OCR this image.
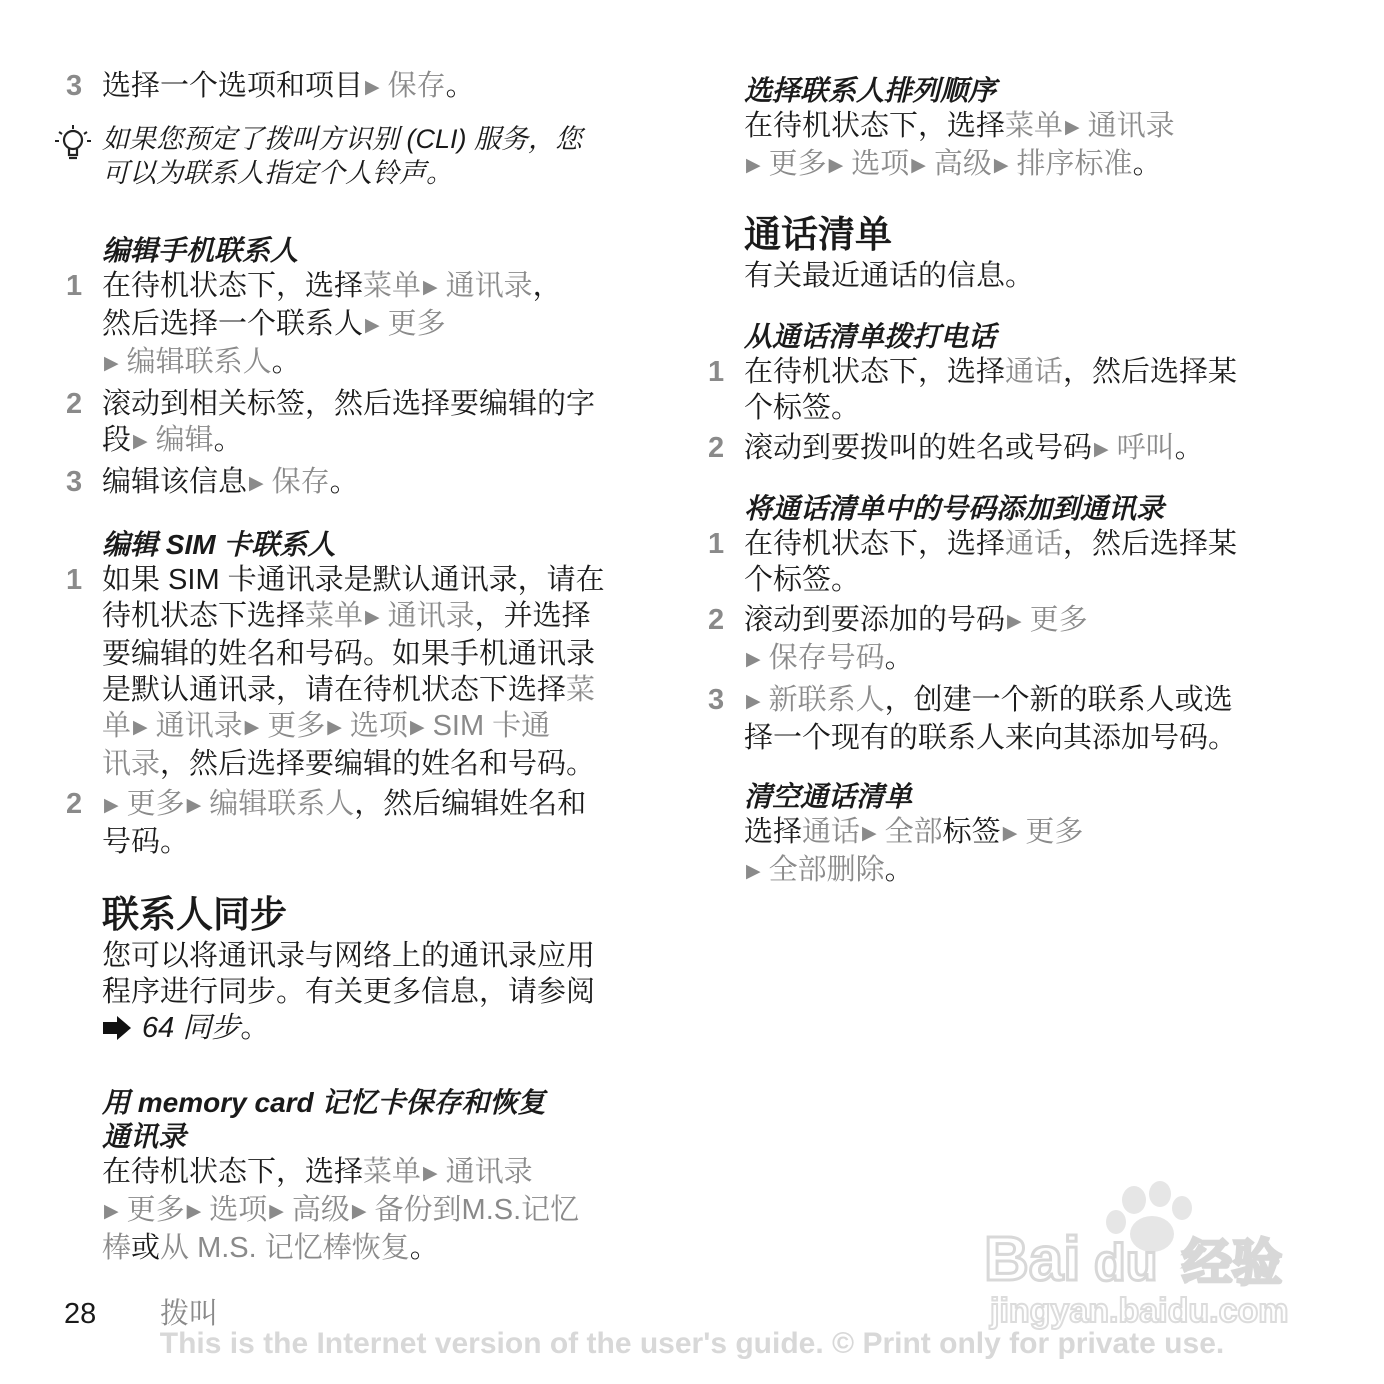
3 选择一个选项和项目 ▶ 保存。

如果您预定了拨叫方识别 (CLI) 服务，您

可以为联系人指定个人铃声。

编辑手机联系人

1 在待机状态下，选择菜单 ▶ 通讯录，

然后选择一个联系人 ▶ 更多

▶ 编辑联系人。

2 滚动到相关标签，然后选择要编辑的字

段 ▶ 编辑。

3 编辑该信息 ▶ 保存。

编辑 SIM 卡联系人

1 如果 SIM 卡通讯录是默认通讯录，请在

待机状态下选择菜单 ▶ 通讯录，并选择

要编辑的姓名和号码。如果手机通讯录

是默认通讯录，请在待机状态下选择菜

单 ▶ 通讯录 ▶ 更多 ▶ 选项 ▶ SIM 卡通

讯录，然后选择要编辑的姓名和号码。

2 ▶ 更多 ▶ 编辑联系人，然后编辑姓名和

号码。

联系人同步

您可以将通讯录与网络上的通讯录应用

程序进行同步。有关更多信息，请参阅

64 同步。

用 memory card 记忆卡保存和恢复

通讯录

在待机状态下，选择菜单 ▶ 通讯录

▶ 更多 ▶ 选项 ▶ 高级 ▶ 备份到M.S.记忆

棒或从 M.S. 记忆棒恢复。

选择联系人排列顺序

在待机状态下，选择菜单 ▶ 通讯录

▶ 更多 ▶ 选项 ▶ 高级 ▶ 排序标准。

通话清单

有关最近通话的信息。

从通话清单拨打电话

1 在待机状态下，选择通话，然后选择某

个标签。

2 滚动到要拨叫的姓名或号码 ▶ 呼叫。

将通话清单中的号码添加到通讯录

1 在待机状态下，选择通话，然后选择某

个标签。

2 滚动到要添加的号码 ▶ 更多

▶ 保存号码。

3 ▶ 新联系人，创建一个新的联系人或选

择一个现有的联系人来向其添加号码。

清空通话清单

选择通话 ▶ 全部标签 ▶ 更多

▶ 全部删除。

Bai du 经验
jingyan.baidu.com
28 拨叫
This is the Internet version of the user's guide. © Print only for private use.
